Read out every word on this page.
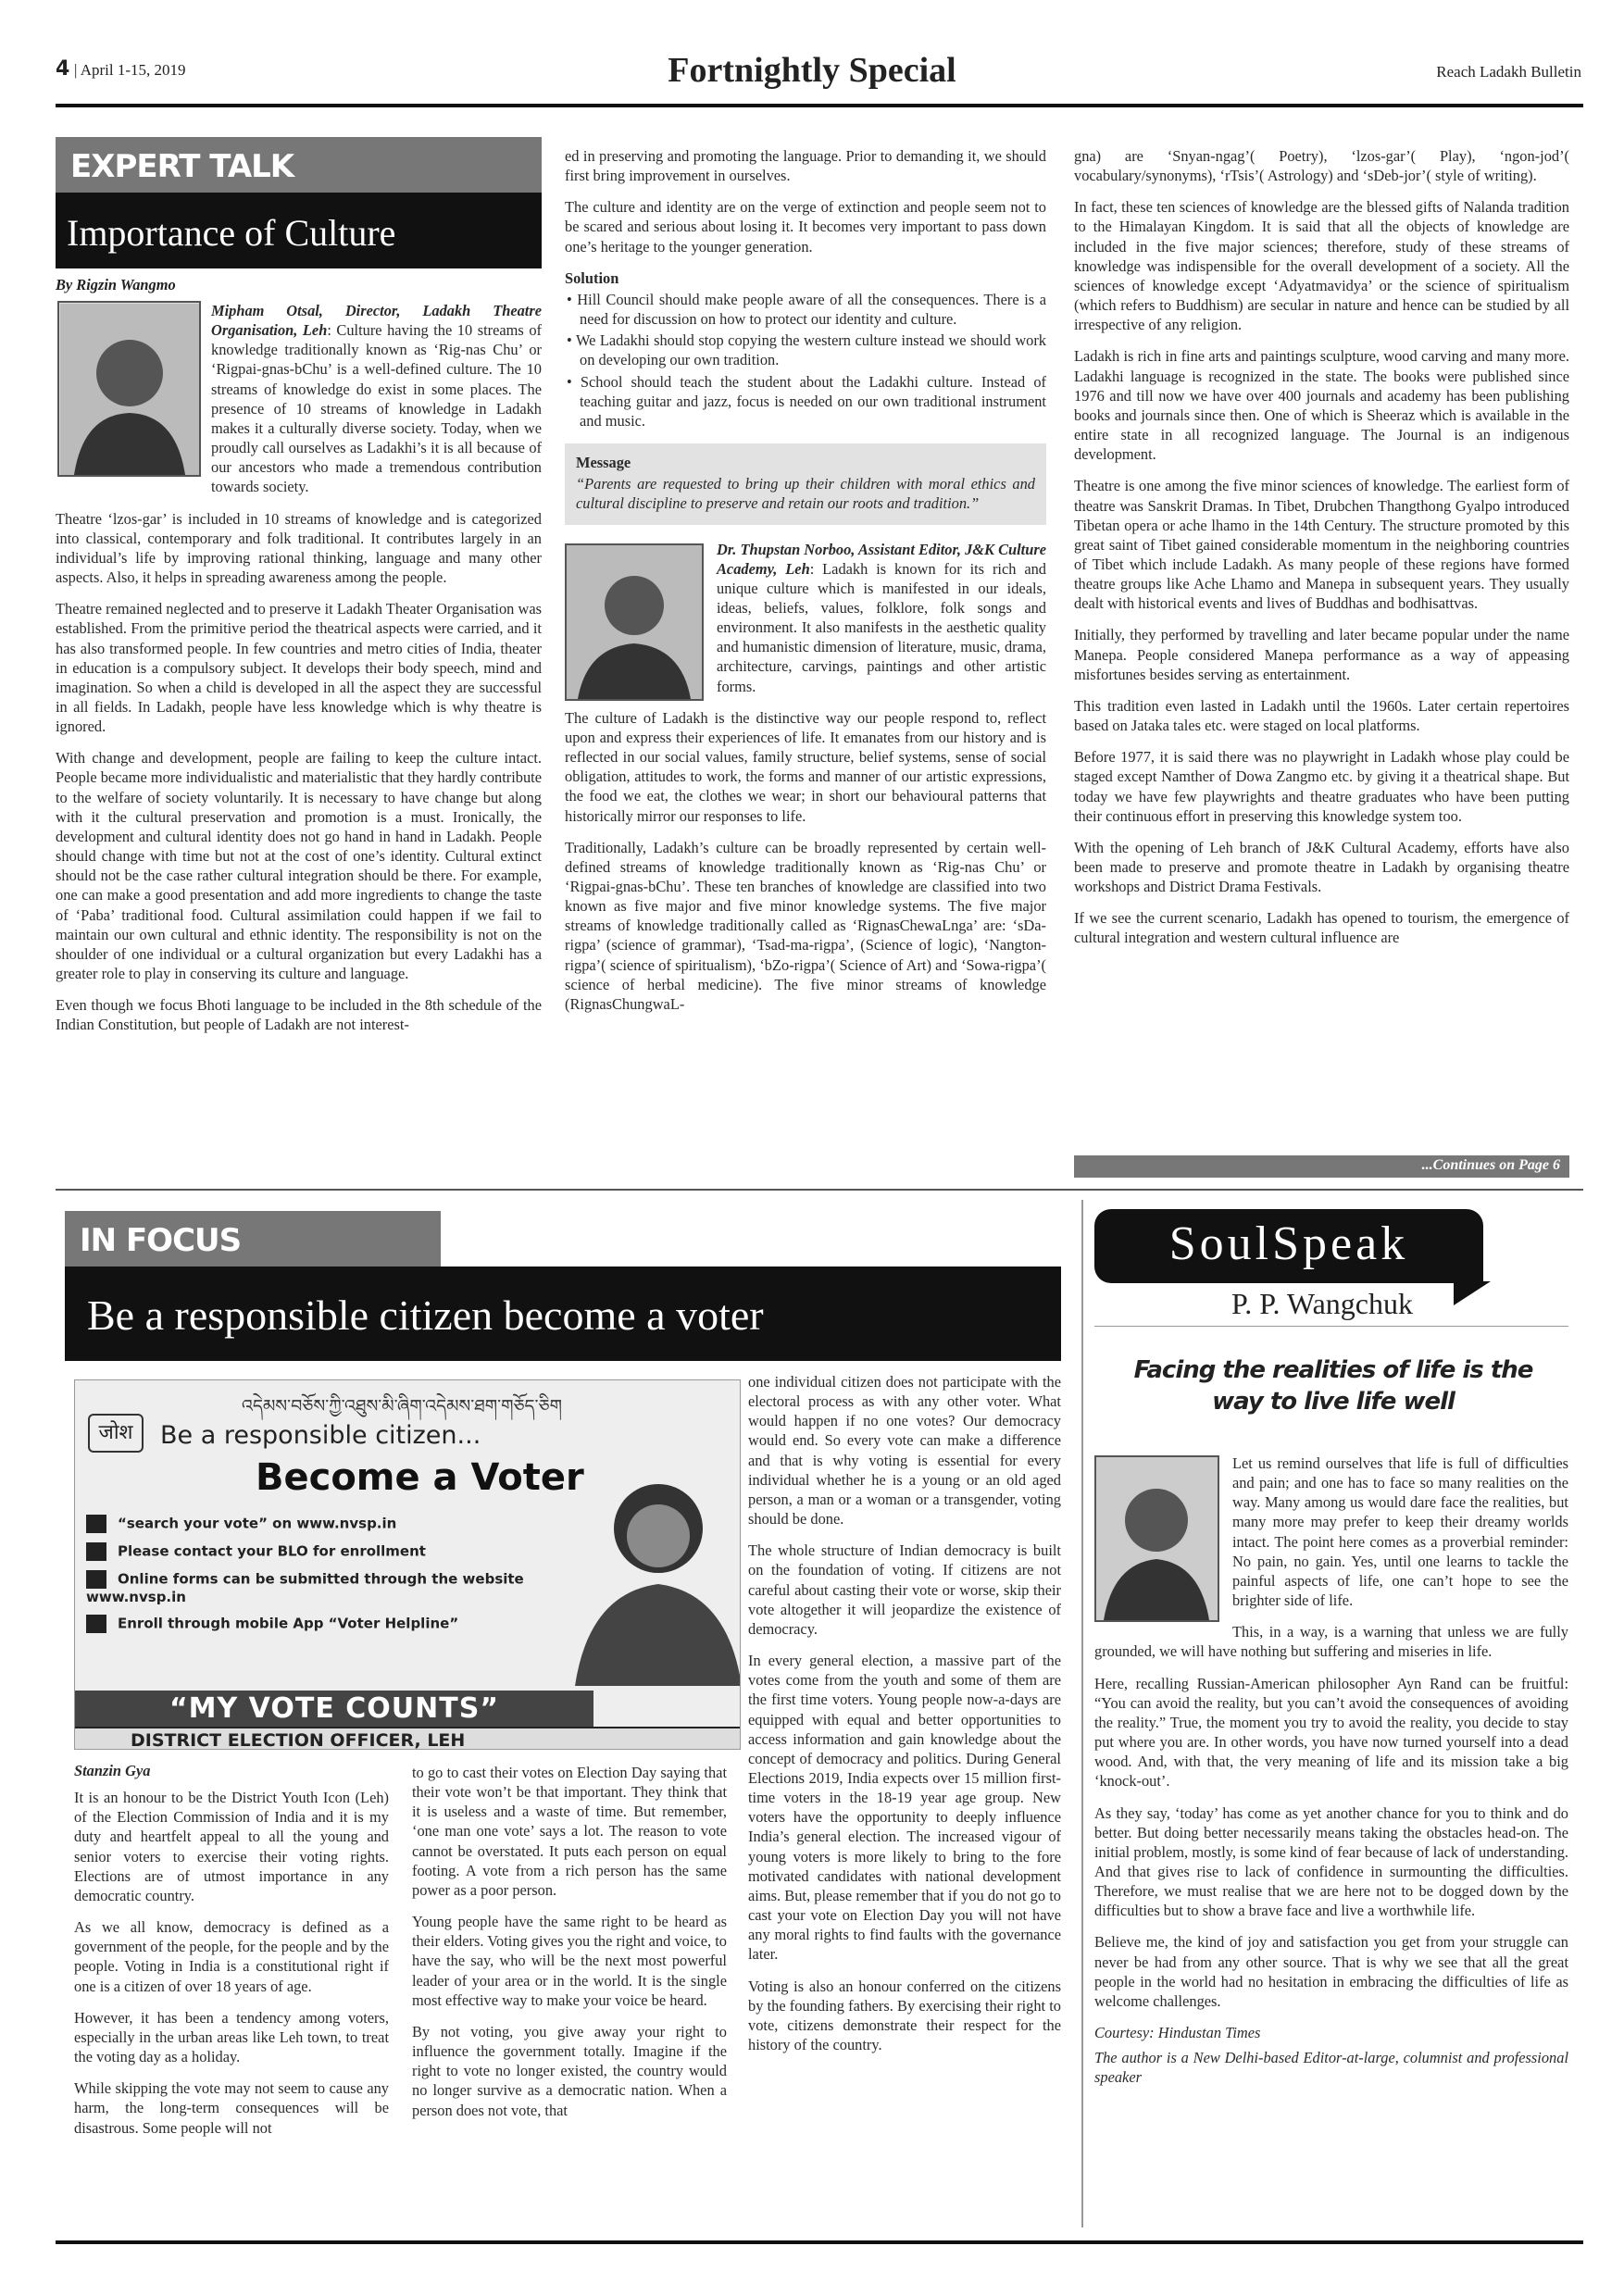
4 | April 1-15, 2019	Fortnightly Special	Reach Ladakh Bulletin
EXPERT TALK
Importance of Culture
By Rigzin Wangmo

Mipham Otsal, Director, Ladakh Theatre Organisation, Leh: Culture having the 10 streams of knowledge traditionally known as ‘Rig-nas Chu’ or ‘Rigpai-gnas-bChu’ is a well-defined culture. The 10 streams of knowledge do exist in some places. The presence of 10 streams of knowledge in Ladakh makes it a culturally diverse society. Today, when we proudly call ourselves as Ladakhi’s it is all because of our ancestors who made a tremendous contribution towards society.

Theatre ‘lzos-gar’ is included in 10 streams of knowledge and is categorized into classical, contemporary and folk traditional. It contributes largely in an individual’s life by improving rational thinking, language and many other aspects. Also, it helps in spreading awareness among the people.

Theatre remained neglected and to preserve it Ladakh Theater Organisation was established. From the primitive period the theatrical aspects were carried, and it has also transformed people. In few countries and metro cities of India, theater in education is a compulsory subject. It develops their body speech, mind and imagination. So when a child is developed in all the aspect they are successful in all fields. In Ladakh, people have less knowledge which is why theatre is ignored.

With change and development, people are failing to keep the culture intact. People became more individualistic and materialistic that they hardly contribute to the welfare of society voluntarily. It is necessary to have change but along with it the cultural preservation and promotion is a must. Ironically, the development and cultural identity does not go hand in hand in Ladakh. People should change with time but not at the cost of one’s identity. Cultural extinct should not be the case rather cultural integration should be there. For example, one can make a good presentation and add more ingredients to change the taste of ‘Paba’ traditional food. Cultural assimilation could happen if we fail to maintain our own cultural and ethnic identity. The responsibility is not on the shoulder of one individual or a cultural organization but every Ladakhi has a greater role to play in conserving its culture and language.

Even though we focus Bhoti language to be included in the 8th schedule of the Indian Constitution, but people of Ladakh are not interest-

ed in preserving and promoting the language. Prior to demanding it, we should first bring improvement in ourselves.

The culture and identity are on the verge of extinction and people seem not to be scared and serious about losing it. It becomes very important to pass down one’s heritage to the younger generation.

Solution

• Hill Council should make people aware of all the consequences. There is a need for discussion on how to protect our identity and culture.

• We Ladakhi should stop copying the western culture instead we should work on developing our own tradition.

• School should teach the student about the Ladakhi culture. Instead of teaching guitar and jazz, focus is needed on our own traditional instrument and music.

Message

“Parents are requested to bring up their children with moral ethics and cultural discipline to preserve and retain our roots and tradition.”

Dr. Thupstan Norboo, Assistant Editor, J&K Culture Academy, Leh: Ladakh is known for its rich and unique culture which is manifested in our ideals, ideas, beliefs, values, folklore, folk songs and environment. It also manifests in the aesthetic quality and humanistic dimension of literature, music, drama, architecture, carvings, paintings and other artistic forms.

The culture of Ladakh is the distinctive way our people respond to, reflect upon and express their experiences of life. It emanates from our history and is reflected in our social values, family structure, belief systems, sense of social obligation, attitudes to work, the forms and manner of our artistic expressions, the food we eat, the clothes we wear; in short our behavioural patterns that historically mirror our responses to life.

Traditionally, Ladakh’s culture can be broadly represented by certain well-defined streams of knowledge traditionally known as ‘Rig-nas Chu’ or ‘Rigpai-gnas-bChu’. These ten branches of knowledge are classified into two known as five major and five minor knowledge systems. The five major streams of knowledge traditionally called as ‘RignasChewaLnga’ are: ‘sDa-rigpa’ (science of grammar), ‘Tsad-ma-rigpa’, (Science of logic), ‘Nangton-rigpa’( science of spiritualism), ‘bZo-rigpa’( Science of Art) and ‘Sowa-rigpa’( science of herbal medicine). The five minor streams of knowledge (RignasChungwaL-

gna) are ‘Snyan-ngag’( Poetry), ‘lzos-gar’( Play), ‘ngon-jod’( vocabulary/synonyms), ‘rTsis’( Astrology) and ‘sDeb-jor’( style of writing).

In fact, these ten sciences of knowledge are the blessed gifts of Nalanda tradition to the Himalayan Kingdom. It is said that all the objects of knowledge are included in the five major sciences; therefore, study of these streams of knowledge was indispensible for the overall development of a society. All the sciences of knowledge except ‘Adyatmavidya’ or the science of spiritualism (which refers to Buddhism) are secular in nature and hence can be studied by all irrespective of any religion.

Ladakh is rich in fine arts and paintings sculpture, wood carving and many more. Ladakhi language is recognized in the state. The books were published since 1976 and till now we have over 400 journals and academy has been publishing books and journals since then. One of which is Sheeraz which is available in the entire state in all recognized language. The Journal is an indigenous development.

Theatre is one among the five minor sciences of knowledge. The earliest form of theatre was Sanskrit Dramas. In Tibet, Drubchen Thangthong Gyalpo introduced Tibetan opera or ache lhamo in the 14th Century. The structure promoted by this great saint of Tibet gained considerable momentum in the neighboring countries of Tibet which include Ladakh. As many people of these regions have formed theatre groups like Ache Lhamo and Manepa in subsequent years. They usually dealt with historical events and lives of Buddhas and bodhisattvas.

Initially, they performed by travelling and later became popular under the name Manepa. People considered Manepa performance as a way of appeasing misfortunes besides serving as entertainment.

This tradition even lasted in Ladakh until the 1960s. Later certain repertoires based on Jataka tales etc. were staged on local platforms.

Before 1977, it is said there was no playwright in Ladakh whose play could be staged except Namther of Dowa Zangmo etc. by giving it a theatrical shape. But today we have few playwrights and theatre graduates who have been putting their continuous effort in preserving this knowledge system too.

With the opening of Leh branch of J&K Cultural Academy, efforts have also been made to preserve and promote theatre in Ladakh by organising theatre workshops and District Drama Festivals.

If we see the current scenario, Ladakh has opened to tourism, the emergence of cultural integration and western cultural influence are

...Continues on Page 6
IN FOCUS
Be a responsible citizen become a voter
འདེམས་བཅོས་ཀྱི་འཐུས་མི་ཞིག་འདེམས་ཐག་གཅོད་ཅིག
जोश	Be a responsible citizen...
Become a Voter
“search your vote” on www.nvsp.in
Please contact your BLO for enrollment
Online forms can be submitted through the website www.nvsp.in
Enroll through mobile App “Voter Helpline”
“MY VOTE COUNTS”
DISTRICT ELECTION OFFICER, LEH

Stanzin Gya

It is an honour to be the District Youth Icon (Leh) of the Election Commission of India and it is my duty and heartfelt appeal to all the young and senior voters to exercise their voting rights. Elections are of utmost importance in any democratic country.

As we all know, democracy is defined as a government of the people, for the people and by the people. Voting in India is a constitutional right if one is a citizen of over 18 years of age.

However, it has been a tendency among voters, especially in the urban areas like Leh town, to treat the voting day as a holiday.

While skipping the vote may not seem to cause any harm, the long-term consequences will be disastrous. Some people will not

to go to cast their votes on Election Day saying that their vote won’t be that important. They think that it is useless and a waste of time. But remember, ‘one man one vote’ says a lot. The reason to vote cannot be overstated. It puts each person on equal footing. A vote from a rich person has the same power as a poor person.

Young people have the same right to be heard as their elders. Voting gives you the right and voice, to have the say, who will be the next most powerful leader of your area or in the world. It is the single most effective way to make your voice be heard.

By not voting, you give away your right to influence the government totally. Imagine if the right to vote no longer existed, the country would no longer survive as a democratic nation. When a person does not vote, that

one individual citizen does not participate with the electoral process as with any other voter. What would happen if no one votes? Our democracy would end. So every vote can make a difference and that is why voting is essential for every individual whether he is a young or an old aged person, a man or a woman or a transgender, voting should be done.

The whole structure of Indian democracy is built on the foundation of voting. If citizens are not careful about casting their vote or worse, skip their vote altogether it will jeopardize the existence of democracy.

In every general election, a massive part of the votes come from the youth and some of them are the first time voters. Young people now-a-days are equipped with equal and better opportunities to access information and gain knowledge about the concept of democracy and politics. During General Elections 2019, India expects over 15 million first-time voters in the 18-19 year age group. New voters have the opportunity to deeply influence India’s general election. The increased vigour of young voters is more likely to bring to the fore motivated candidates with national development aims. But, please remember that if you do not go to cast your vote on Election Day you will not have any moral rights to find faults with the governance later.

Voting is also an honour conferred on the citizens by the founding fathers. By exercising their right to vote, citizens demonstrate their respect for the history of the country.

SoulSpeak
P. P. Wangchuk
Facing the realities of life is the way to live life well

Let us remind ourselves that life is full of difficulties and pain; and one has to face so many realities on the way. Many among us would dare face the realities, but many more may prefer to keep their dreamy worlds intact. The point here comes as a proverbial reminder: No pain, no gain. Yes, until one learns to tackle the painful aspects of life, one can’t hope to see the brighter side of life.

This, in a way, is a warning that unless we are fully grounded, we will have nothing but suffering and miseries in life.

Here, recalling Russian-American philosopher Ayn Rand can be fruitful: “You can avoid the reality, but you can’t avoid the consequences of avoiding the reality.” True, the moment you try to avoid the reality, you decide to stay put where you are. In other words, you have now turned yourself into a dead wood. And, with that, the very meaning of life and its mission take a big ‘knock-out’.

As they say, ‘today’ has come as yet another chance for you to think and do better. But doing better necessarily means taking the obstacles head-on. The initial problem, mostly, is some kind of fear because of lack of understanding. And that gives rise to lack of confidence in surmounting the difficulties. Therefore, we must realise that we are here not to be dogged down by the difficulties but to show a brave face and live a worthwhile life.

Believe me, the kind of joy and satisfaction you get from your struggle can never be had from any other source. That is why we see that all the great people in the world had no hesitation in embracing the difficulties of life as welcome challenges.

Courtesy: Hindustan Times

The author is a New Delhi-based Editor-at-large, columnist and professional speaker
